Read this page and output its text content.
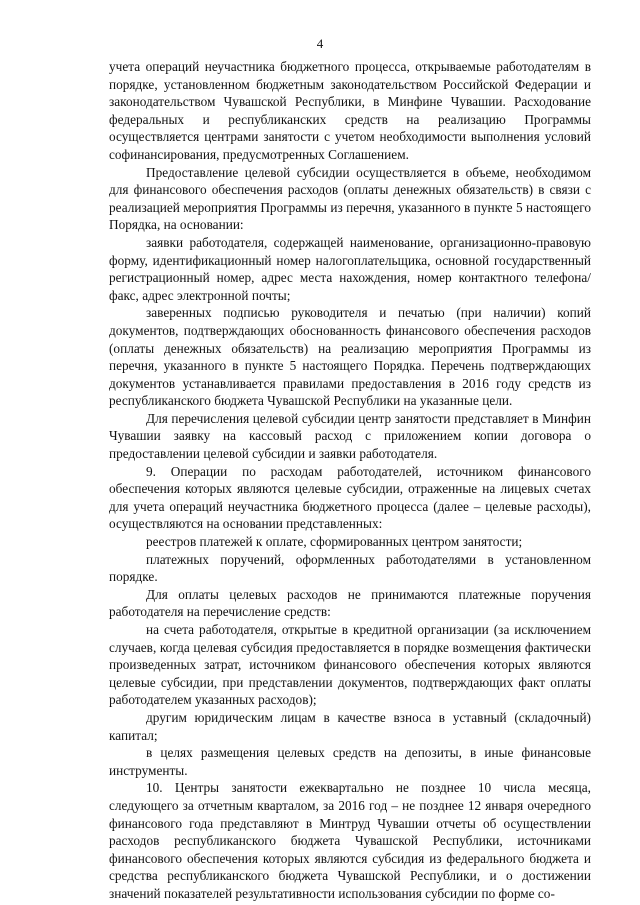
4

учета операций неучастника бюджетного процесса, открываемые работодателям в порядке, установленном бюджетным законодательством Российской Федерации и законодательством Чувашской Республики, в Минфине Чувашии. Расходование федеральных и республиканских средств на реализацию Программы осуществляется центрами занятости с учетом необходимости выполнения условий софинансирования, предусмотренных Соглашением.

Предоставление целевой субсидии осуществляется в объеме, необходимом для финансового обеспечения расходов (оплаты денежных обязательств) в связи с реализацией мероприятия Программы из перечня, указанного в пункте 5 настоящего Порядка, на основании:

заявки работодателя, содержащей наименование, организационно-правовую форму, идентификационный номер налогоплательщика, основной государственный регистрационный номер, адрес места нахождения, номер контактного телефона/факс, адрес электронной почты;

заверенных подписью руководителя и печатью (при наличии) копий документов, подтверждающих обоснованность финансового обеспечения расходов (оплаты денежных обязательств) на реализацию мероприятия Программы из перечня, указанного в пункте 5 настоящего Порядка. Перечень подтверждающих документов устанавливается правилами предоставления в 2016 году средств из республиканского бюджета Чувашской Республики на указанные цели.

Для перечисления целевой субсидии центр занятости представляет в Минфин Чувашии заявку на кассовый расход с приложением копии договора о предоставлении целевой субсидии и заявки работодателя.

9. Операции по расходам работодателей, источником финансового обеспечения которых являются целевые субсидии, отраженные на лицевых счетах для учета операций неучастника бюджетного процесса (далее – целевые расходы), осуществляются на основании представленных:

реестров платежей к оплате, сформированных центром занятости;

платежных поручений, оформленных работодателями в установленном порядке.

Для оплаты целевых расходов не принимаются платежные поручения работодателя на перечисление средств:

на счета работодателя, открытые в кредитной организации (за исключением случаев, когда целевая субсидия предоставляется в порядке возмещения фактически произведенных затрат, источником финансового обеспечения которых являются целевые субсидии, при представлении документов, подтверждающих факт оплаты работодателем указанных расходов);

другим юридическим лицам в качестве взноса в уставный (складочный) капитал;

в целях размещения целевых средств на депозиты, в иные финансовые инструменты.

10. Центры занятости ежеквартально не позднее 10 числа месяца, следующего за отчетным кварталом, за 2016 год – не позднее 12 января очередного финансового года представляют в Минтруд Чувашии отчеты об осуществлении расходов республиканского бюджета Чувашской Республики, источниками финансового обеспечения которых являются субсидия из федерального бюджета и средства республиканского бюджета Чувашской Республики, и о достижении значений показателей результативности использования субсидии по форме со-
